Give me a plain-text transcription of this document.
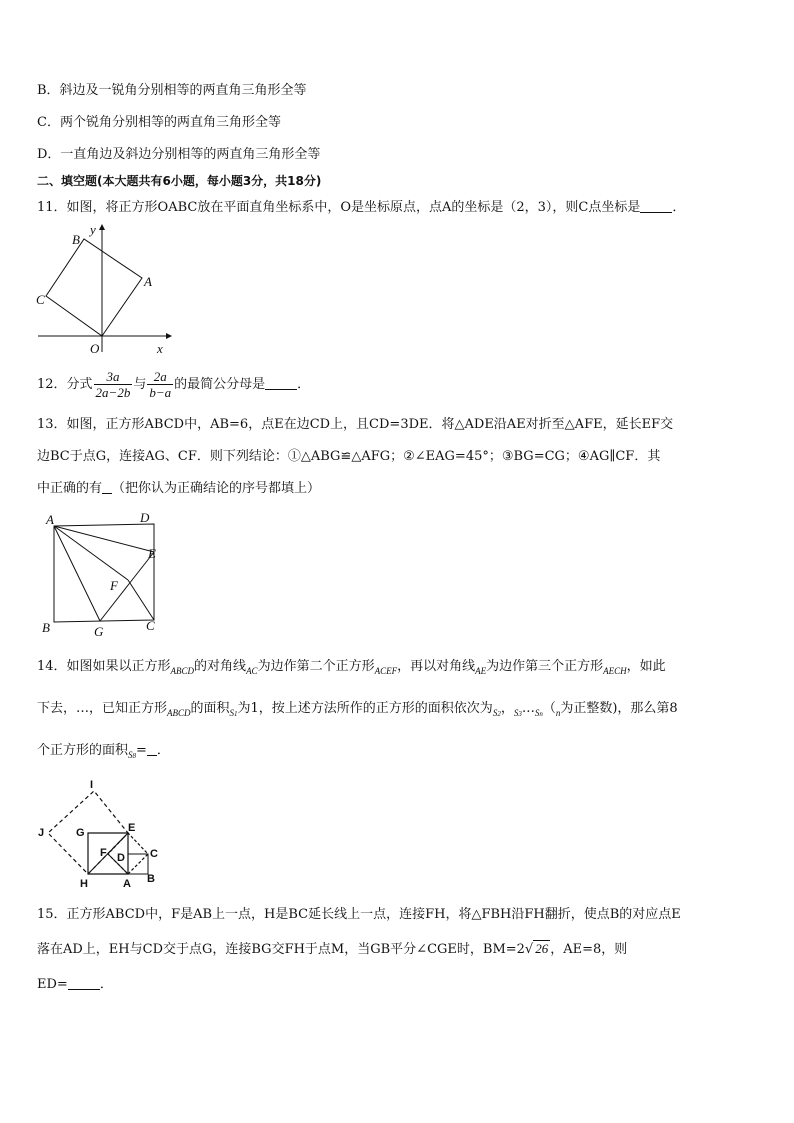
B．斜边及一锐角分别相等的两直角三角形全等
C．两个锐角分别相等的两直角三角形全等
D．一直角边及斜边分别相等的两直角三角形全等
二、填空题(本大题共有6小题，每小题3分，共18分)
11．如图，将正方形OABC放在平面直角坐标系中，O是坐标原点，点A的坐标是（2，3），则C点坐标是 ．
y
B
A
C
O	x
12．分式 $\frac{3a}{2a-2b}$ 与 $\frac{2a}{b-a}$ 的最简公分母是 ．
13．如图，正方形ABCD中，AB=6，点E在边CD上，且CD=3DE．将△ADE沿AE对折至△AFE，延长EF交
边BC于点G，连接AG、CF．则下列结论：①△ABG≌△AFG；②∠EAG=45°；③BG=CG；④AG∥CF．其
中正确的有 （把你认为正确结论的序号都填上）
A	D
E
F
B	G	C
14．如图如果以正方形$_{ABCD}$的对角线$_{AC}$为边作第二个正方形$_{ACEF}$，再以对角线$_{AE}$为边作第三个正方形$_{AECH}$，如此
下去，…，已知正方形$_{ABCD}$的面积$_{S1}$为1，按上述方法所作的正方形的面积依次为$_{S2}$，$_{S3}\dots_{Sn}(_n$为正整数)，那么第8
个正方形的面积$_{S8}$= ．
I
J	G	E
F D C
H	A B
15．正方形ABCD中，F是AB上一点，H是BC延长线上一点，连接FH，将△FBH沿FH翻折，使点B的对应点E
落在AD上，EH与CD交于点G，连接BG交FH于点M，当GB平分∠CGE时，BM=2√ 26 ，AE=8，则
ED= ．
